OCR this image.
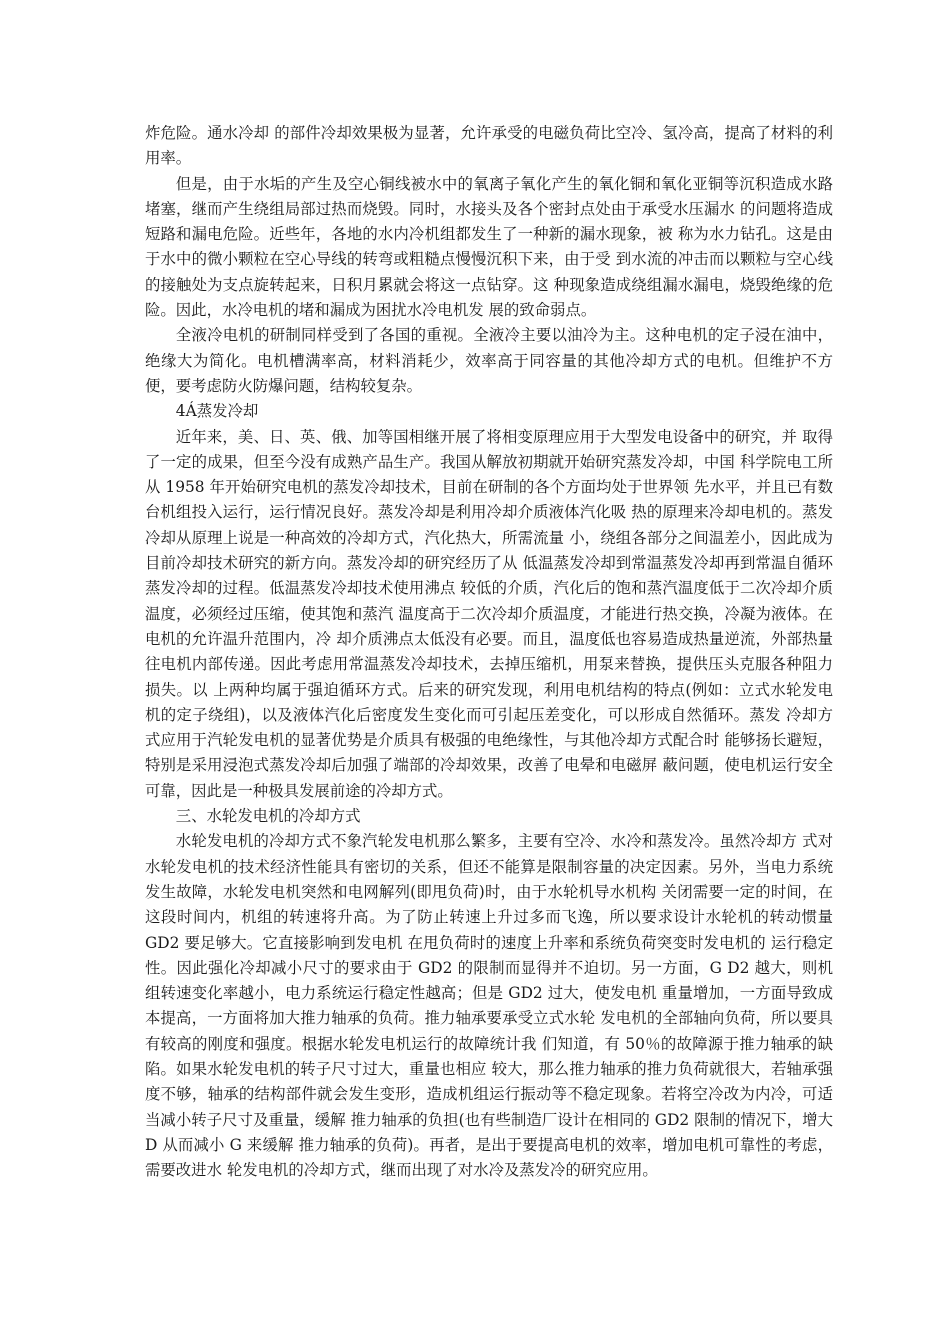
炸危险。通水冷却 的部件冷却效果极为显著，允许承受的电磁负荷比空冷、氢冷高，提高了材料的利用率。

但是，由于水垢的产生及空心铜线被水中的氧离子氧化产生的氧化铜和氧化亚铜等沉积造成水路堵塞，继而产生绕组局部过热而烧毁。同时，水接头及各个密封点处由于承受水压漏水 的问题将造成短路和漏电危险。近些年，各地的水内冷机组都发生了一种新的漏水现象，被 称为水力钻孔。这是由于水中的微小颗粒在空心导线的转弯或粗糙点慢慢沉积下来，由于受 到水流的冲击而以颗粒与空心线的接触处为支点旋转起来，日积月累就会将这一点钻穿。这 种现象造成绕组漏水漏电，烧毁绝缘的危险。因此，水冷电机的堵和漏成为困扰水冷电机发 展的致命弱点。

全液冷电机的研制同样受到了各国的重视。全液冷主要以油冷为主。这种电机的定子浸在油中，绝缘大为简化。电机槽满率高，材料消耗少，效率高于同容量的其他冷却方式的电机。但维护不方便，要考虑防火防爆问题，结构较复杂。

4Á蒸发冷却

近年来，美、日、英、俄、加等国相继开展了将相变原理应用于大型发电设备中的研究，并 取得了一定的成果，但至今没有成熟产品生产。我国从解放初期就开始研究蒸发冷却，中国 科学院电工所从 1958 年开始研究电机的蒸发冷却技术，目前在研制的各个方面均处于世界领 先水平，并且已有数台机组投入运行，运行情况良好。蒸发冷却是利用冷却介质液体汽化吸 热的原理来冷却电机的。蒸发冷却从原理上说是一种高效的冷却方式，汽化热大，所需流量 小，绕组各部分之间温差小，因此成为目前冷却技术研究的新方向。蒸发冷却的研究经历了从 低温蒸发冷却到常温蒸发冷却再到常温自循环蒸发冷却的过程。低温蒸发冷却技术使用沸点 较低的介质，汽化后的饱和蒸汽温度低于二次冷却介质温度，必须经过压缩，使其饱和蒸汽 温度高于二次冷却介质温度，才能进行热交换，冷凝为液体。在电机的允许温升范围内，冷 却介质沸点太低没有必要。而且，温度低也容易造成热量逆流，外部热量往电机内部传递。因此考虑用常温蒸发冷却技术，去掉压缩机，用泵来替换，提供压头克服各种阻力损失。以 上两种均属于强迫循环方式。后来的研究发现，利用电机结构的特点(例如：立式水轮发电 机的定子绕组)，以及液体汽化后密度发生变化而可引起压差变化，可以形成自然循环。蒸发 冷却方式应用于汽轮发电机的显著优势是介质具有极强的电绝缘性，与其他冷却方式配合时 能够扬长避短，特别是采用浸泡式蒸发冷却后加强了端部的冷却效果，改善了电晕和电磁屏 蔽问题，使电机运行安全可靠，因此是一种极具发展前途的冷却方式。

三、水轮发电机的冷却方式

水轮发电机的冷却方式不象汽轮发电机那么繁多，主要有空冷、水冷和蒸发冷。虽然冷却方 式对水轮发电机的技术经济性能具有密切的关系，但还不能算是限制容量的决定因素。另外，当电力系统发生故障，水轮发电机突然和电网解列(即甩负荷)时，由于水轮机导水机构 关闭需要一定的时间，在这段时间内，机组的转速将升高。为了防止转速上升过多而飞逸，所以要求设计水轮机的转动惯量 GD2 要足够大。它直接影响到发电机 在甩负荷时的速度上升率和系统负荷突变时发电机的 运行稳定性。因此强化冷却减小尺寸的要求由于 GD2 的限制而显得并不迫切。另一方面，G D2 越大，则机组转速变化率越小，电力系统运行稳定性越高；但是 GD2 过大，使发电机 重量增加，一方面导致成本提高，一方面将加大推力轴承的负荷。推力轴承要承受立式水轮 发电机的全部轴向负荷，所以要具有较高的刚度和强度。根据水轮发电机运行的故障统计我 们知道，有 50％的故障源于推力轴承的缺陷。如果水轮发电机的转子尺寸过大，重量也相应 较大，那么推力轴承的推力负荷就很大，若轴承强度不够，轴承的结构部件就会发生变形，造成机组运行振动等不稳定现象。若将空冷改为内冷，可适当减小转子尺寸及重量，缓解 推力轴承的负担(也有些制造厂设计在相同的 GD2 限制的情况下，增大 D 从而减小 G 来缓解 推力轴承的负荷)。再者，是出于要提高电机的效率，增加电机可靠性的考虑，需要改进水 轮发电机的冷却方式，继而出现了对水冷及蒸发冷的研究应用。
